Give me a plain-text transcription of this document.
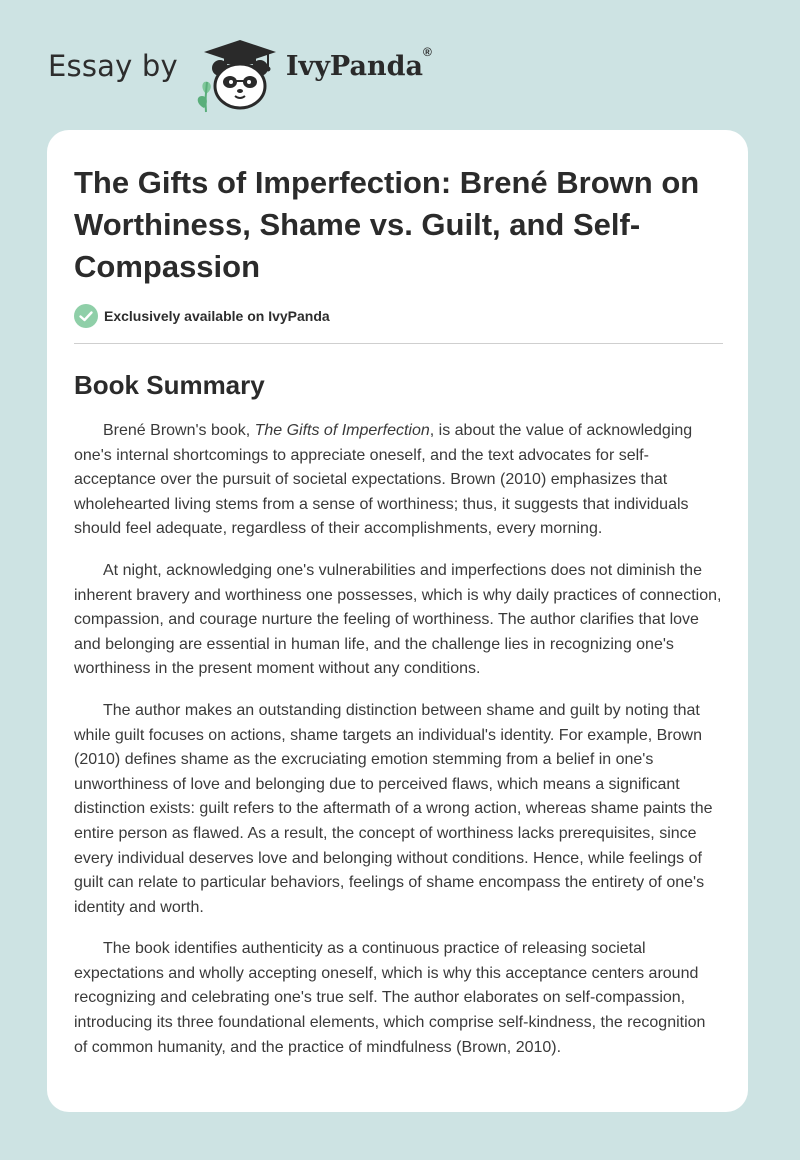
Essay by	IvyPanda®
The Gifts of Imperfection: Brené Brown on Worthiness, Shame vs. Guilt, and Self-Compassion
Exclusively available on IvyPanda
Book Summary

Brené Brown's book, The Gifts of Imperfection, is about the value of acknowledging one's internal shortcomings to appreciate oneself, and the text advocates for self-acceptance over the pursuit of societal expectations. Brown (2010) emphasizes that wholehearted living stems from a sense of worthiness; thus, it suggests that individuals should feel adequate, regardless of their accomplishments, every morning.

At night, acknowledging one's vulnerabilities and imperfections does not diminish the inherent bravery and worthiness one possesses, which is why daily practices of connection, compassion, and courage nurture the feeling of worthiness. The author clarifies that love and belonging are essential in human life, and the challenge lies in recognizing one's worthiness in the present moment without any conditions.

The author makes an outstanding distinction between shame and guilt by noting that while guilt focuses on actions, shame targets an individual's identity. For example, Brown (2010) defines shame as the excruciating emotion stemming from a belief in one's unworthiness of love and belonging due to perceived flaws, which means a significant distinction exists: guilt refers to the aftermath of a wrong action, whereas shame paints the entire person as flawed. As a result, the concept of worthiness lacks prerequisites, since every individual deserves love and belonging without conditions. Hence, while feelings of guilt can relate to particular behaviors, feelings of shame encompass the entirety of one's identity and worth.

The book identifies authenticity as a continuous practice of releasing societal expectations and wholly accepting oneself, which is why this acceptance centers around recognizing and celebrating one's true self. The author elaborates on self-compassion, introducing its three foundational elements, which comprise self-kindness, the recognition of common humanity, and the practice of mindfulness (Brown, 2010).
